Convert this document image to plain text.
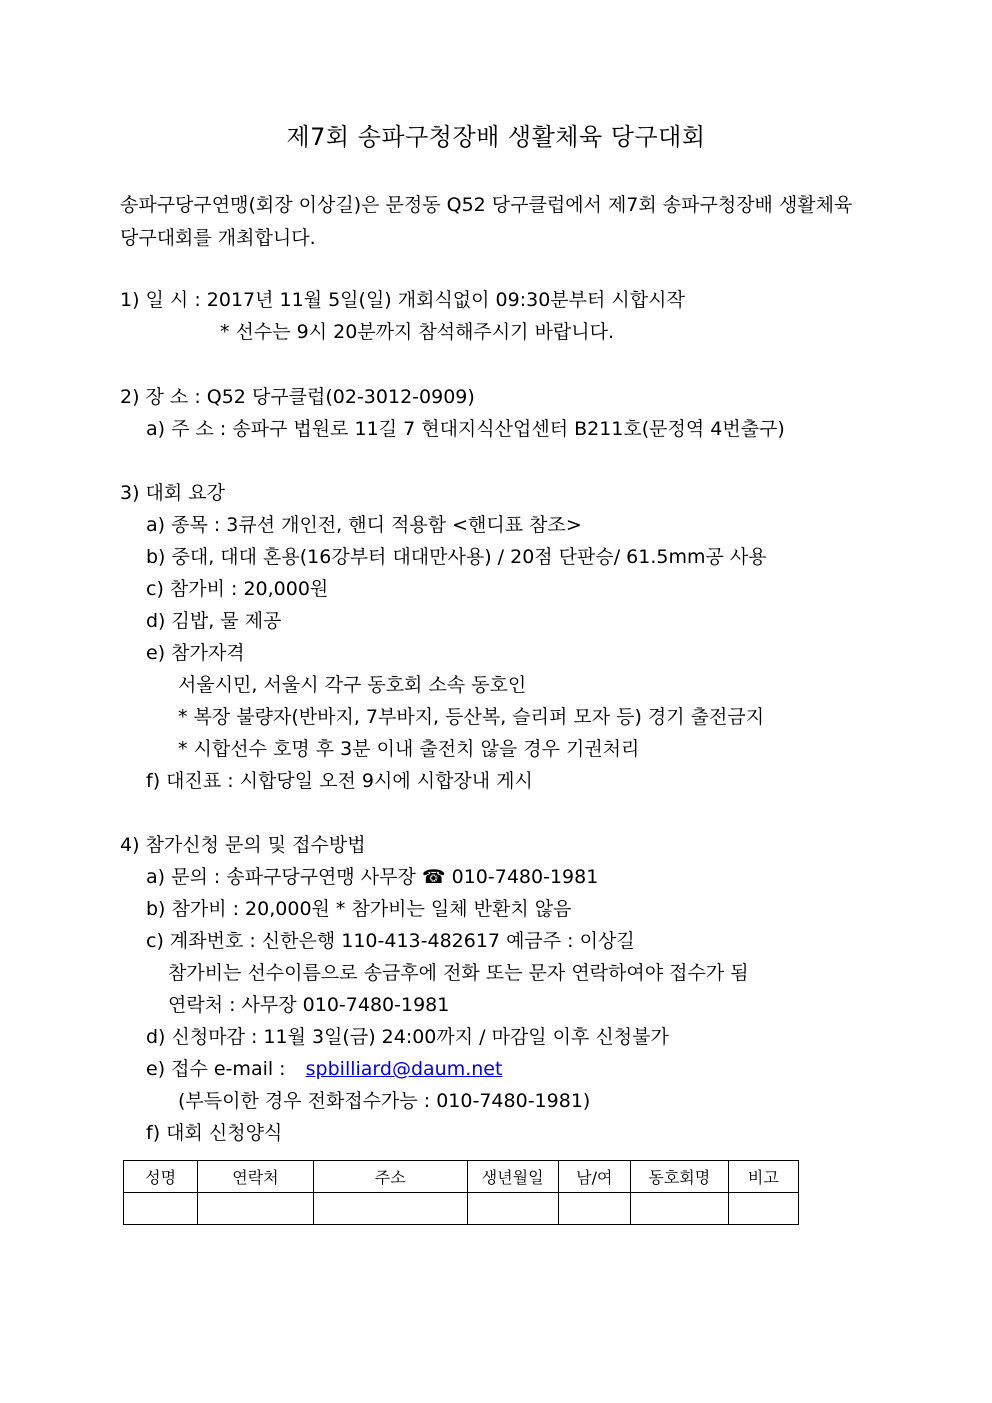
제7회 송파구청장배 생활체육 당구대회
송파구당구연맹(회장 이상길)은 문정동 Q52 당구클럽에서 제7회 송파구청장배 생활체육
당구대회를 개최합니다.
1) 일 시 : 2017년 11월 5일(일) 개회식없이 09:30분부터 시합시작
* 선수는 9시 20분까지 참석해주시기 바랍니다.
2) 장 소 : Q52 당구클럽(02-3012-0909)
a) 주 소 : 송파구 법원로 11길 7 현대지식산업센터 B211호(문정역 4번출구)
3) 대회 요강
a) 종목 : 3큐션 개인전, 핸디 적용함 <핸디표 참조>
b) 중대, 대대 혼용(16강부터 대대만사용) / 20점 단판승/ 61.5mm공 사용
c) 참가비 : 20,000원
d) 김밥, 물 제공
e) 참가자격
서울시민, 서울시 각구 동호회 소속 동호인
* 복장 불량자(반바지, 7부바지, 등산복, 슬리퍼 모자 등) 경기 출전금지
* 시합선수 호명 후 3분 이내 출전치 않을 경우 기권처리
f) 대진표 : 시합당일 오전 9시에 시합장내 게시
4) 참가신청 문의 및 접수방법
a) 문의 : 송파구당구연맹 사무장 ☎ 010-7480-1981
b) 참가비 : 20,000원 * 참가비는 일체 반환치 않음
c) 계좌번호 : 신한은행 110-413-482617 예금주 : 이상길
참가비는 선수이름으로 송금후에 전화 또는 문자 연락하여야 접수가 됨
연락처 : 사무장 010-7480-1981
d) 신청마감 : 11월 3일(금) 24:00까지 / 마감일 이후 신청불가
e) 접수 e-mail : spbilliard@daum.net
(부득이한 경우 전화접수가능 : 010-7480-1981)
f) 대회 신청양식
성명	연락처	주소	생년월일	남/여	동호회명	비고
